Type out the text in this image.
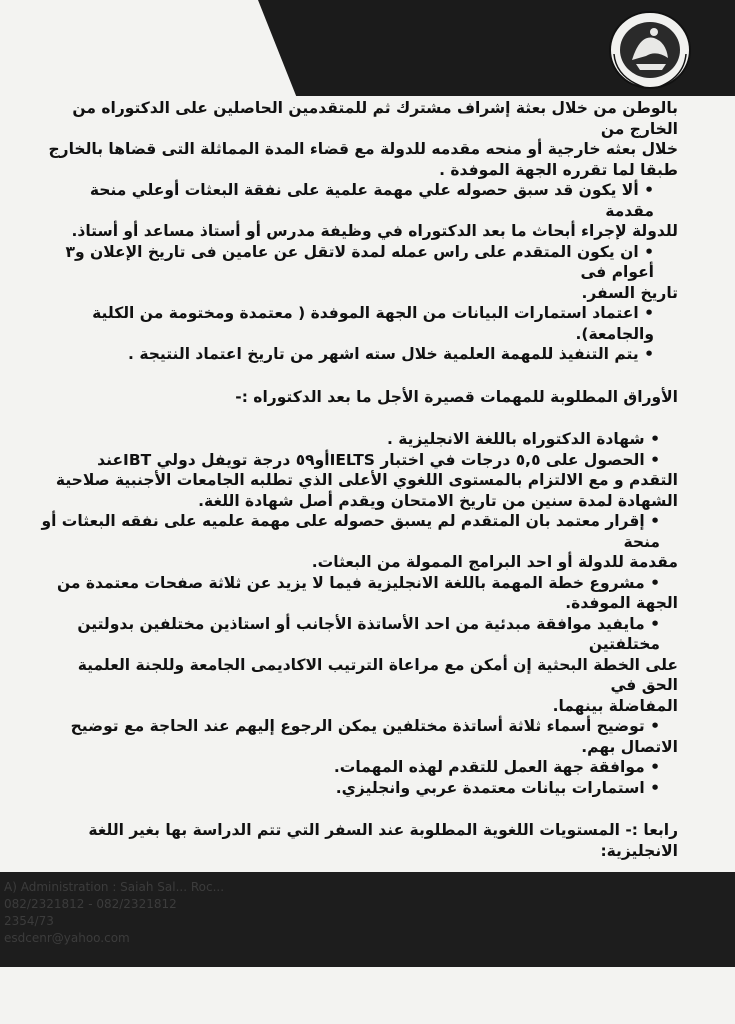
بالوطن من خلال بعثة إشراف مشترك ثم للمتقدمين الحاصلين على الدكتوراه من الخارج من

خلال بعثه خارجية أو منحه مقدمه للدولة مع قضاء المدة المماثلة التى قضاها بالخارج

طبقا لما تقرره الجهة الموفدة .

• ألا يكون قد سبق حصوله علي مهمة علمية على نفقة البعثات أوعلي منحة مقدمة

للدولة لإجراء أبحاث ما بعد الدكتوراه في وظيفة مدرس أو أستاذ مساعد أو أستاذ.

• ان يكون المتقدم على راس عمله لمدة لاتقل عن عامين فى تاريخ الإعلان و٣ أعوام فى

تاريخ السفر.

• اعتماد استمارات البيانات من الجهة الموفدة ( معتمدة ومختومة من الكلية والجامعة).

• يتم التنفيذ للمهمة العلمية خلال سته اشهر من تاريخ اعتماد النتيجة .

الأوراق المطلوبة للمهمات قصيرة الأجل ما بعد الدكتوراه :-

• شهادة الدكتوراه باللغة الانجليزية .

• الحصول على ٥,٥ درجات في اختبار IELTSأو٥٩ درجة تويفل دولي IBTعند

التقدم و مع الالتزام بالمستوى اللغوي الأعلى الذي تطلبه الجامعات الأجنبية صلاحية

الشهادة لمدة سنين من تاريخ الامتحان ويقدم أصل شهادة اللغة.

• إقرار معتمد بان المتقدم لم يسبق حصوله على مهمة علميه على نفقه البعثات أو منحة

مقدمة للدولة أو احد البرامج الممولة من البعثات.

• مشروع خطة المهمة باللغة الانجليزية فيما لا يزيد عن ثلاثة صفحات معتمدة من

الجهة الموفدة.

• مايفيد موافقة مبدئية من احد الأساتذة الأجانب أو استاذين مختلفين بدولتين مختلفتين

على الخطة البحثية إن أمكن مع مراعاة الترتيب الاكاديمى الجامعة وللجنة العلمية الحق في

المفاضلة بينهما.

• توضيح أسماء ثلاثة أساتذة مختلفين يمكن الرجوع إليهم عند الحاجة مع توضيح

الاتصال بهم.

• موافقة جهة العمل للتقدم لهذه المهمات.

• استمارات بيانات معتمدة عربي وانجليزي.

رابعا :- المستويات اللغوية المطلوبة عند السفر التي تتم الدراسة بها بغير اللغة الانجليزية:

A) Administration : Saiah Sal... Roc...
082/2321812 - 082/2321812
2354/73
esdcenr@yahoo.com
